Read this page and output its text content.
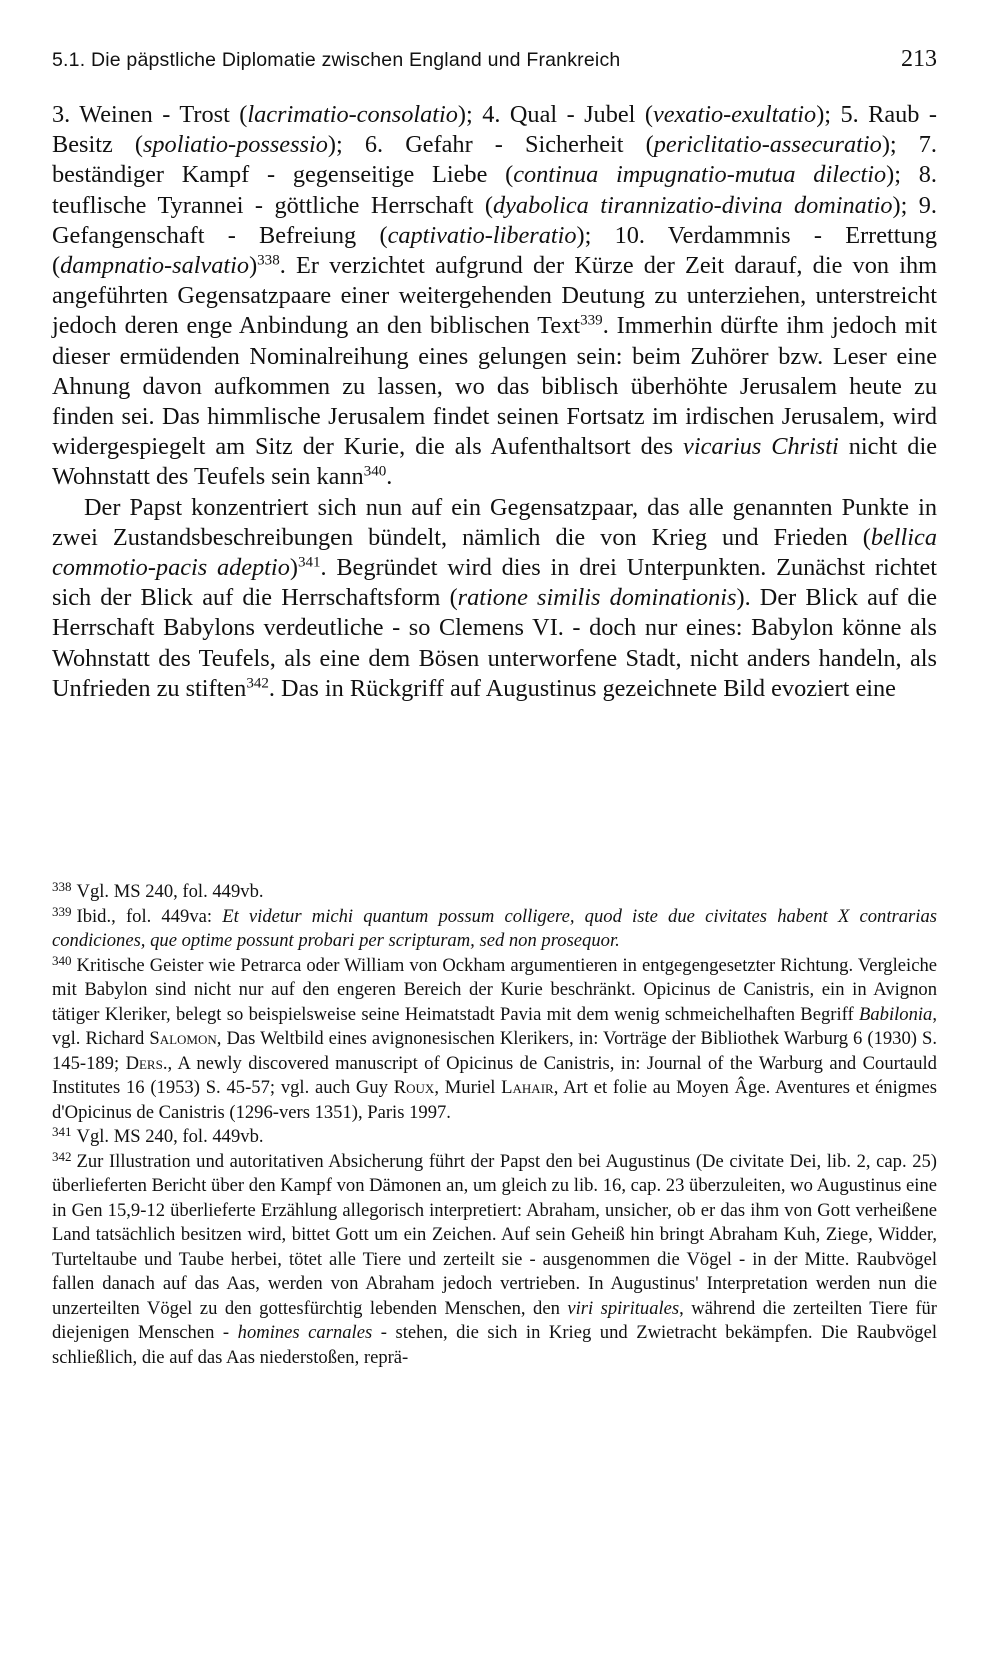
5.1. Die päpstliche Diplomatie zwischen England und Frankreich	213

3. Weinen - Trost (lacrimatio-consolatio); 4. Qual - Jubel (vexatio-exultatio); 5. Raub - Besitz (spoliatio-possessio); 6. Gefahr - Sicherheit (periclitatio-assecuratio); 7. beständiger Kampf - gegenseitige Liebe (continua impugnatio-mutua dilectio); 8. teuflische Tyrannei - göttliche Herrschaft (dyabolica tirannizatio-divina dominatio); 9. Gefangenschaft - Befreiung (captivatio-liberatio); 10. Verdammnis - Errettung (dampnatio-salvatio)$^{338}$. Er verzichtet aufgrund der Kürze der Zeit darauf, die von ihm angeführten Gegensatzpaare einer weitergehenden Deutung zu unterziehen, unterstreicht jedoch deren enge Anbindung an den biblischen Text$^{339}$. Immerhin dürfte ihm jedoch mit dieser ermüdenden Nominalreihung eines gelungen sein: beim Zuhörer bzw. Leser eine Ahnung davon aufkommen zu lassen, wo das biblisch überhöhte Jerusalem heute zu finden sei. Das himmlische Jerusalem findet seinen Fortsatz im irdischen Jerusalem, wird widergespiegelt am Sitz der Kurie, die als Aufenthaltsort des vicarius Christi nicht die Wohnstatt des Teufels sein kann$^{340}$.

Der Papst konzentriert sich nun auf ein Gegensatzpaar, das alle genannten Punkte in zwei Zustandsbeschreibungen bündelt, nämlich die von Krieg und Frieden (bellica commotio-pacis adeptio)$^{341}$. Begründet wird dies in drei Unterpunkten. Zunächst richtet sich der Blick auf die Herrschaftsform (ratione similis dominationis). Der Blick auf die Herrschaft Babylons verdeutliche - so Clemens VI. - doch nur eines: Babylon könne als Wohnstatt des Teufels, als eine dem Bösen unterworfene Stadt, nicht anders handeln, als Unfrieden zu stiften$^{342}$. Das in Rückgriff auf Augustinus gezeichnete Bild evoziert eine

$^{338}$ Vgl. MS 240, fol. 449vb.

$^{339}$ Ibid., fol. 449va: Et videtur michi quantum possum colligere, quod iste due civitates habent X contrarias condiciones, que optime possunt probari per scripturam, sed non prosequor.

$^{340}$ Kritische Geister wie Petrarca oder William von Ockham argumentieren in entgegengesetzter Richtung. Vergleiche mit Babylon sind nicht nur auf den engeren Bereich der Kurie beschränkt. Opicinus de Canistris, ein in Avignon tätiger Kleriker, belegt so beispielsweise seine Heimatstadt Pavia mit dem wenig schmeichelhaften Begriff Babilonia, vgl. Richard Salomon, Das Weltbild eines avignonesischen Klerikers, in: Vorträge der Bibliothek Warburg 6 (1930) S. 145-189; Ders., A newly discovered manuscript of Opicinus de Canistris, in: Journal of the Warburg and Courtauld Institutes 16 (1953) S. 45-57; vgl. auch Guy Roux, Muriel Lahair, Art et folie au Moyen Âge. Aventures et énigmes d'Opicinus de Canistris (1296-vers 1351), Paris 1997.

$^{341}$ Vgl. MS 240, fol. 449vb.

$^{342}$ Zur Illustration und autoritativen Absicherung führt der Papst den bei Augustinus (De civitate Dei, lib. 2, cap. 25) überlieferten Bericht über den Kampf von Dämonen an, um gleich zu lib. 16, cap. 23 überzuleiten, wo Augustinus eine in Gen 15,9-12 überlieferte Erzählung allegorisch interpretiert: Abraham, unsicher, ob er das ihm von Gott verheißene Land tatsächlich besitzen wird, bittet Gott um ein Zeichen. Auf sein Geheiß hin bringt Abraham Kuh, Ziege, Widder, Turteltaube und Taube herbei, tötet alle Tiere und zerteilt sie - ausgenommen die Vögel - in der Mitte. Raubvögel fallen danach auf das Aas, werden von Abraham jedoch vertrieben. In Augustinus' Interpretation werden nun die unzerteilten Vögel zu den gottesfürchtig lebenden Menschen, den viri spirituales, während die zerteilten Tiere für diejenigen Menschen - homines carnales - stehen, die sich in Krieg und Zwietracht bekämpfen. Die Raubvögel schließlich, die auf das Aas niederstoßen, reprä-
